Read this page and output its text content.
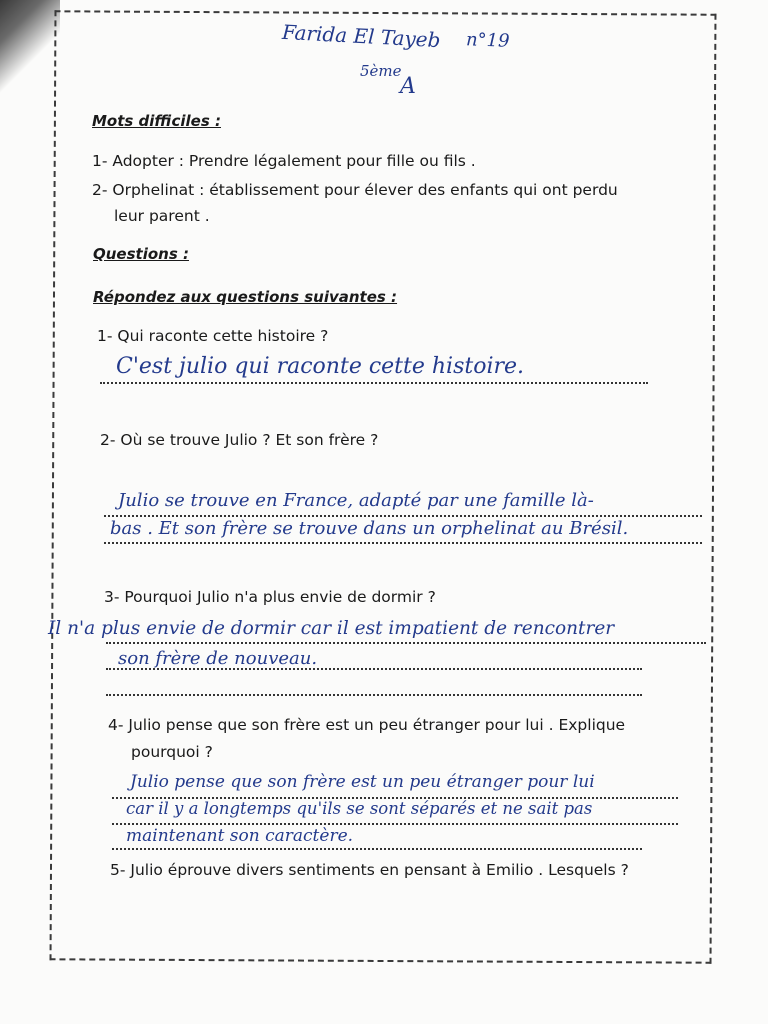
Farida El Tayeb n°19
5ème
A
Mots difficiles :
1- Adopter : Prendre légalement pour fille ou fils .
2- Orphelinat : établissement pour élever des enfants qui ont perdu
leur parent .
Questions :
Répondez aux questions suivantes :
1- Qui raconte cette histoire ?
C'est julio qui raconte cette histoire.
2- Où se trouve Julio ? Et son frère ?
Julio se trouve en France, adapté par une famille là-
bas . Et son frère se trouve dans un orphelinat au Brésil.
3- Pourquoi Julio n'a plus envie de dormir ?
Il n'a plus envie de dormir car il est impatient de rencontrer
son frère de nouveau.
4- Julio pense que son frère est un peu étranger pour lui . Explique
pourquoi ?
Julio pense que son frère est un peu étranger pour lui
car il y a longtemps qu'ils se sont séparés et ne sait pas
maintenant son caractère.
5- Julio éprouve divers sentiments en pensant à Emilio . Lesquels ?
